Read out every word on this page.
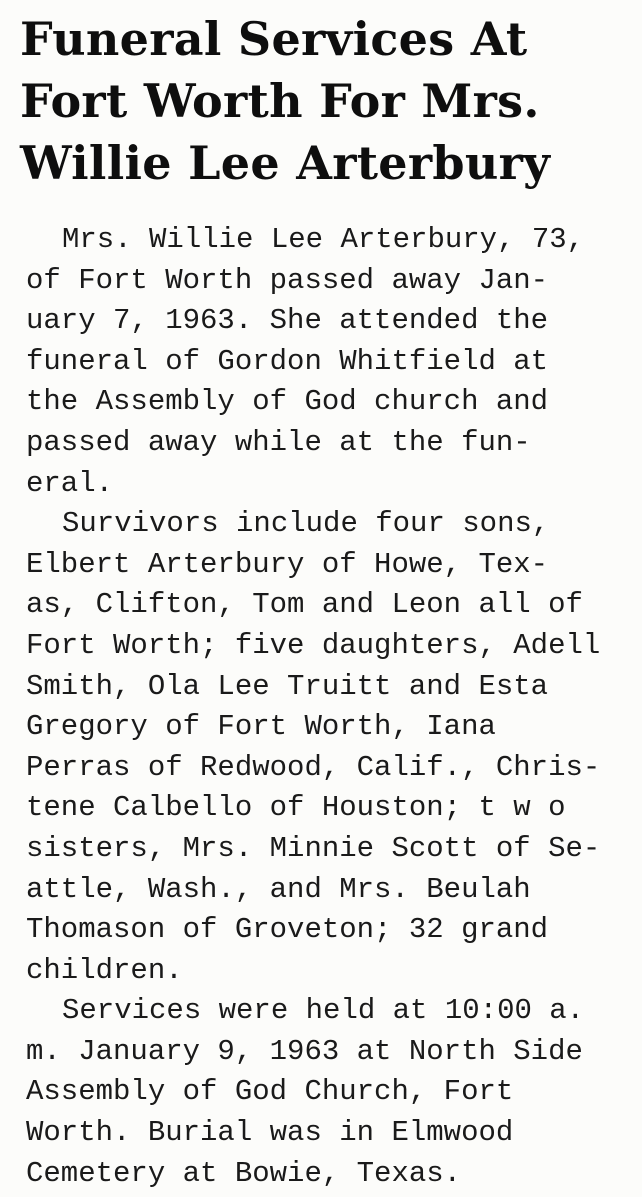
Funeral Services At
Fort Worth For Mrs.
Willie Lee Arterbury
Mrs. Willie Lee Arterbury, 73,
of Fort Worth passed away Jan-
uary 7, 1963. She attended the
funeral of Gordon Whitfield at
the Assembly of God church and
passed away while at the fun-
eral.
Survivors include four sons,
Elbert Arterbury of Howe, Tex-
as, Clifton, Tom and Leon all of
Fort Worth; five daughters, Adell
Smith, Ola Lee Truitt and Esta
Gregory of Fort Worth, Iana
Perras of Redwood, Calif., Chris-
tene Calbello of Houston; t w o
sisters, Mrs. Minnie Scott of Se-
attle, Wash., and Mrs. Beulah
Thomason of Groveton; 32 grand
children.
Services were held at 10:00 a.
m. January 9, 1963 at North Side
Assembly of God Church, Fort
Worth. Burial was in Elmwood
Cemetery at Bowie, Texas.
